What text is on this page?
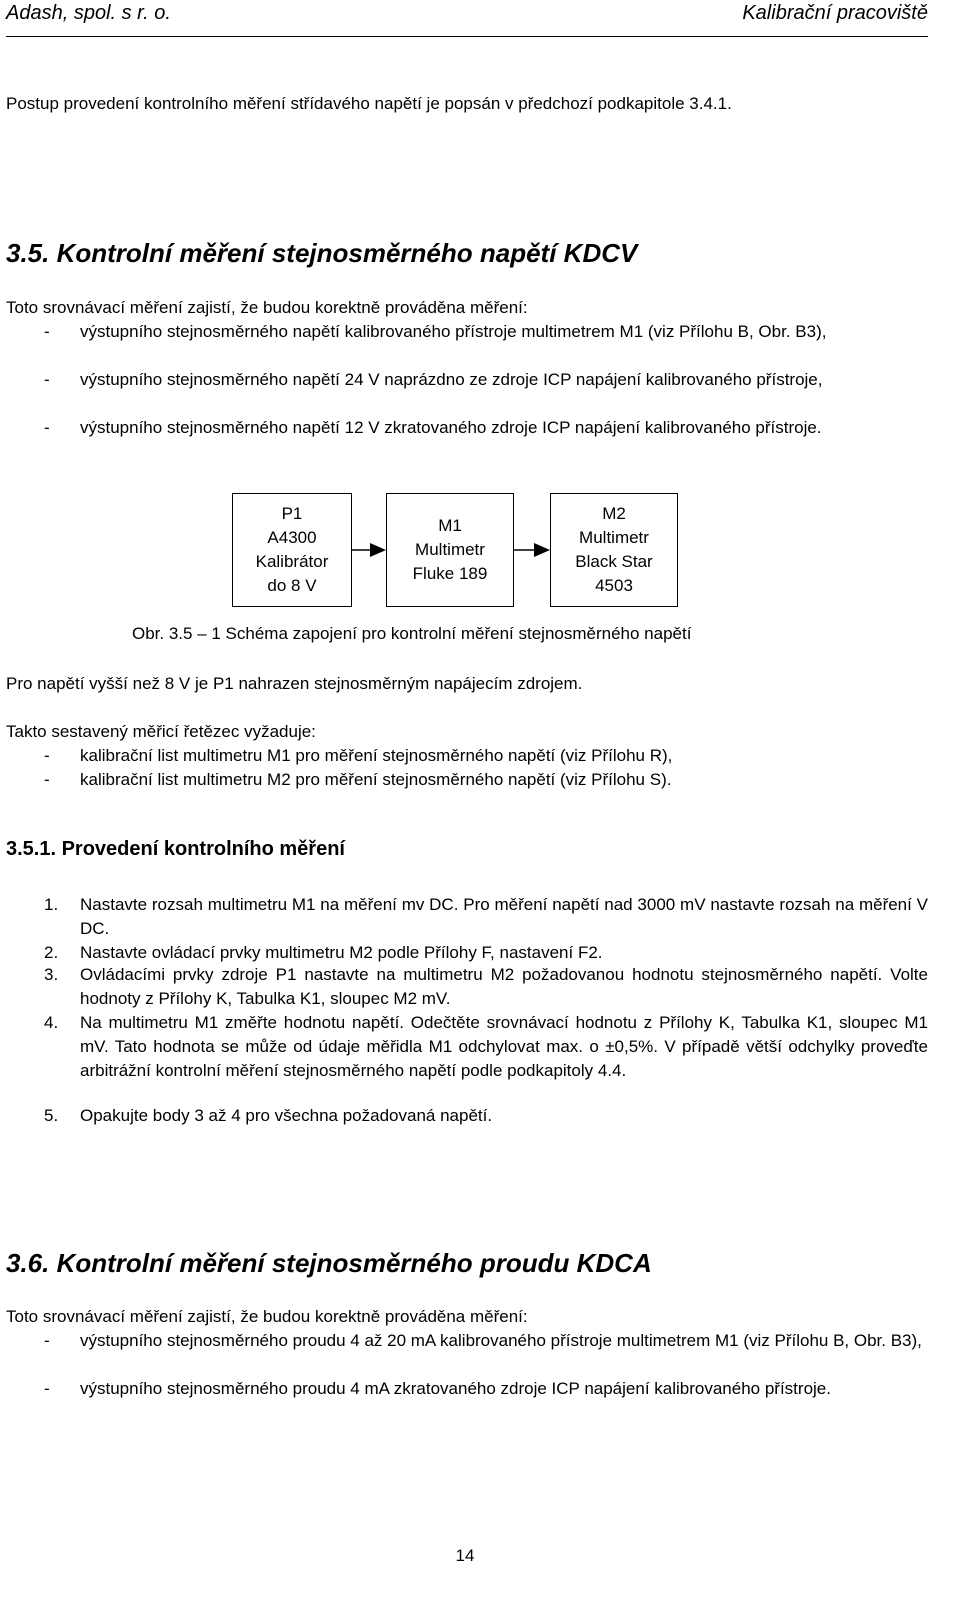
Adash, spol. s r. o.	Kalibrační pracoviště
Postup provedení kontrolního měření střídavého napětí je popsán v předchozí podkapitole 3.4.1.
3.5. Kontrolní měření stejnosměrného napětí KDCV
Toto srovnávací měření zajistí, že budou korektně prováděna měření:
- výstupního stejnosměrného napětí kalibrovaného přístroje multimetrem M1 (viz Přílohu B, Obr. B3),
- výstupního stejnosměrného napětí 24 V naprázdno ze zdroje ICP napájení kalibrovaného přístroje,
- výstupního stejnosměrného napětí 12 V zkratovaného zdroje ICP napájení kalibrovaného přístroje.
P1
A4300
Kalibrátor
do 8 V
M1
Multimetr
Fluke 189
M2
Multimetr
Black Star
4503
Obr. 3.5 – 1 Schéma zapojení pro kontrolní měření stejnosměrného napětí
Pro napětí vyšší než 8 V je P1 nahrazen stejnosměrným napájecím zdrojem.
Takto sestavený měřicí řetězec vyžaduje:
- kalibrační list multimetru M1 pro měření stejnosměrného napětí (viz Přílohu R),
- kalibrační list multimetru M2 pro měření stejnosměrného napětí (viz Přílohu S).
3.5.1. Provedení kontrolního měření
1. Nastavte rozsah multimetru M1 na měření mv DC. Pro měření napětí nad 3000 mV nastavte rozsah na měření V DC.
2. Nastavte ovládací prvky multimetru M2 podle Přílohy F, nastavení F2.
3. Ovládacími prvky zdroje P1 nastavte na multimetru M2 požadovanou hodnotu stejnosměrného napětí. Volte hodnoty z Přílohy K, Tabulka K1, sloupec M2 mV.
4. Na multimetru M1 změřte hodnotu napětí. Odečtěte srovnávací hodnotu z Přílohy K, Tabulka K1, sloupec M1 mV. Tato hodnota se může od údaje měřidla M1 odchylovat max. o ±0,5%. V případě větší odchylky proveďte arbitrážní kontrolní měření stejnosměrného napětí podle podkapitoly 4.4.
5. Opakujte body 3 až 4 pro všechna požadovaná napětí.
3.6. Kontrolní měření stejnosměrného proudu KDCA
Toto srovnávací měření zajistí, že budou korektně prováděna měření:
- výstupního stejnosměrného proudu 4 až 20 mA kalibrovaného přístroje multimetrem M1 (viz Přílohu B, Obr. B3),
- výstupního stejnosměrného proudu 4 mA zkratovaného zdroje ICP napájení kalibrovaného přístroje.
14
